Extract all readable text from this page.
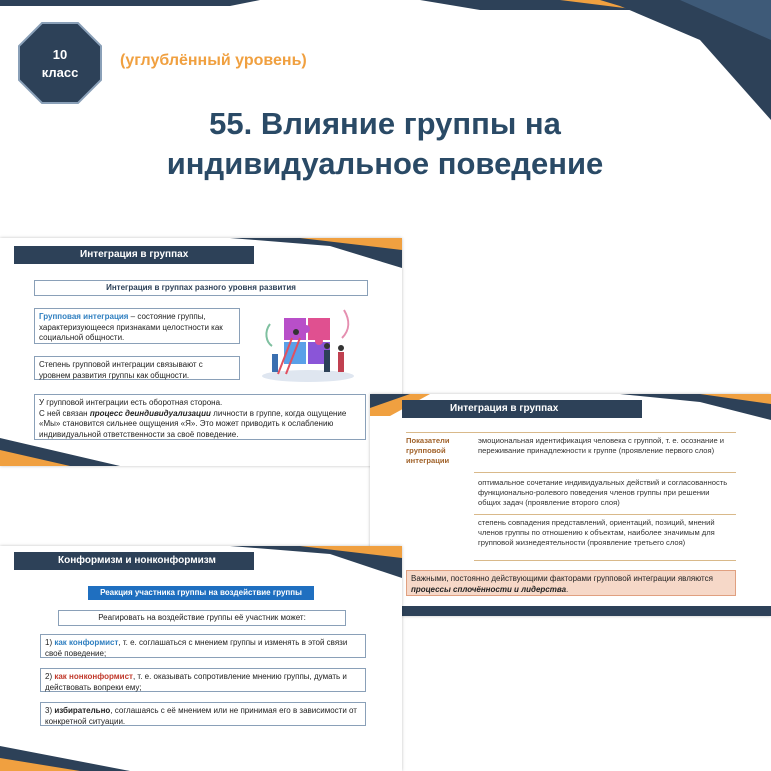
10
класс
(углублённый уровень)
55. Влияние группы на индивидуальное поведение
Интеграция в группах
Интеграция в группах разного уровня развития
Групповая интеграция – состояние группы, характеризующееся признаками целостности как социальной общности.
Степень групповой интеграции связывают с уровнем развития группы как общности.
У групповой интеграции есть оборотная сторона.
С ней связан процесс деиндивидуализации личности в группе, когда ощущение «Мы» становится сильнее ощущения «Я». Это может приводить к ослаблению индивидуальной ответственности за своё поведение.
Интеграция в группах
Показатели групповой интеграции
эмоциональная идентификация человека с группой, т. е. осознание и переживание принадлежности к группе (проявление первого слоя)
оптимальное сочетание индивидуальных действий и согласованность функционально-ролевого поведения членов группы при решении общих задач (проявление второго слоя)
степень совпадения представлений, ориентаций, позиций, мнений членов группы по отношению к объектам, наиболее значимым для групповой жизнедеятельности (проявление третьего слоя)
Важными, постоянно действующими факторами групповой интеграции являются процессы сплочённости и лидерства.
Конформизм и нонконформизм
Реакция участника группы на воздействие группы
Реагировать на воздействие группы её участник может:
1) как конформист, т. е. соглашаться с мнением группы и изменять в этой связи своё поведение;
2) как нонконформист, т. е. оказывать сопротивление мнению группы, думать и действовать вопреки ему;
3) избирательно, соглашаясь с её мнением или не принимая его в зависимости от конкретной ситуации.
